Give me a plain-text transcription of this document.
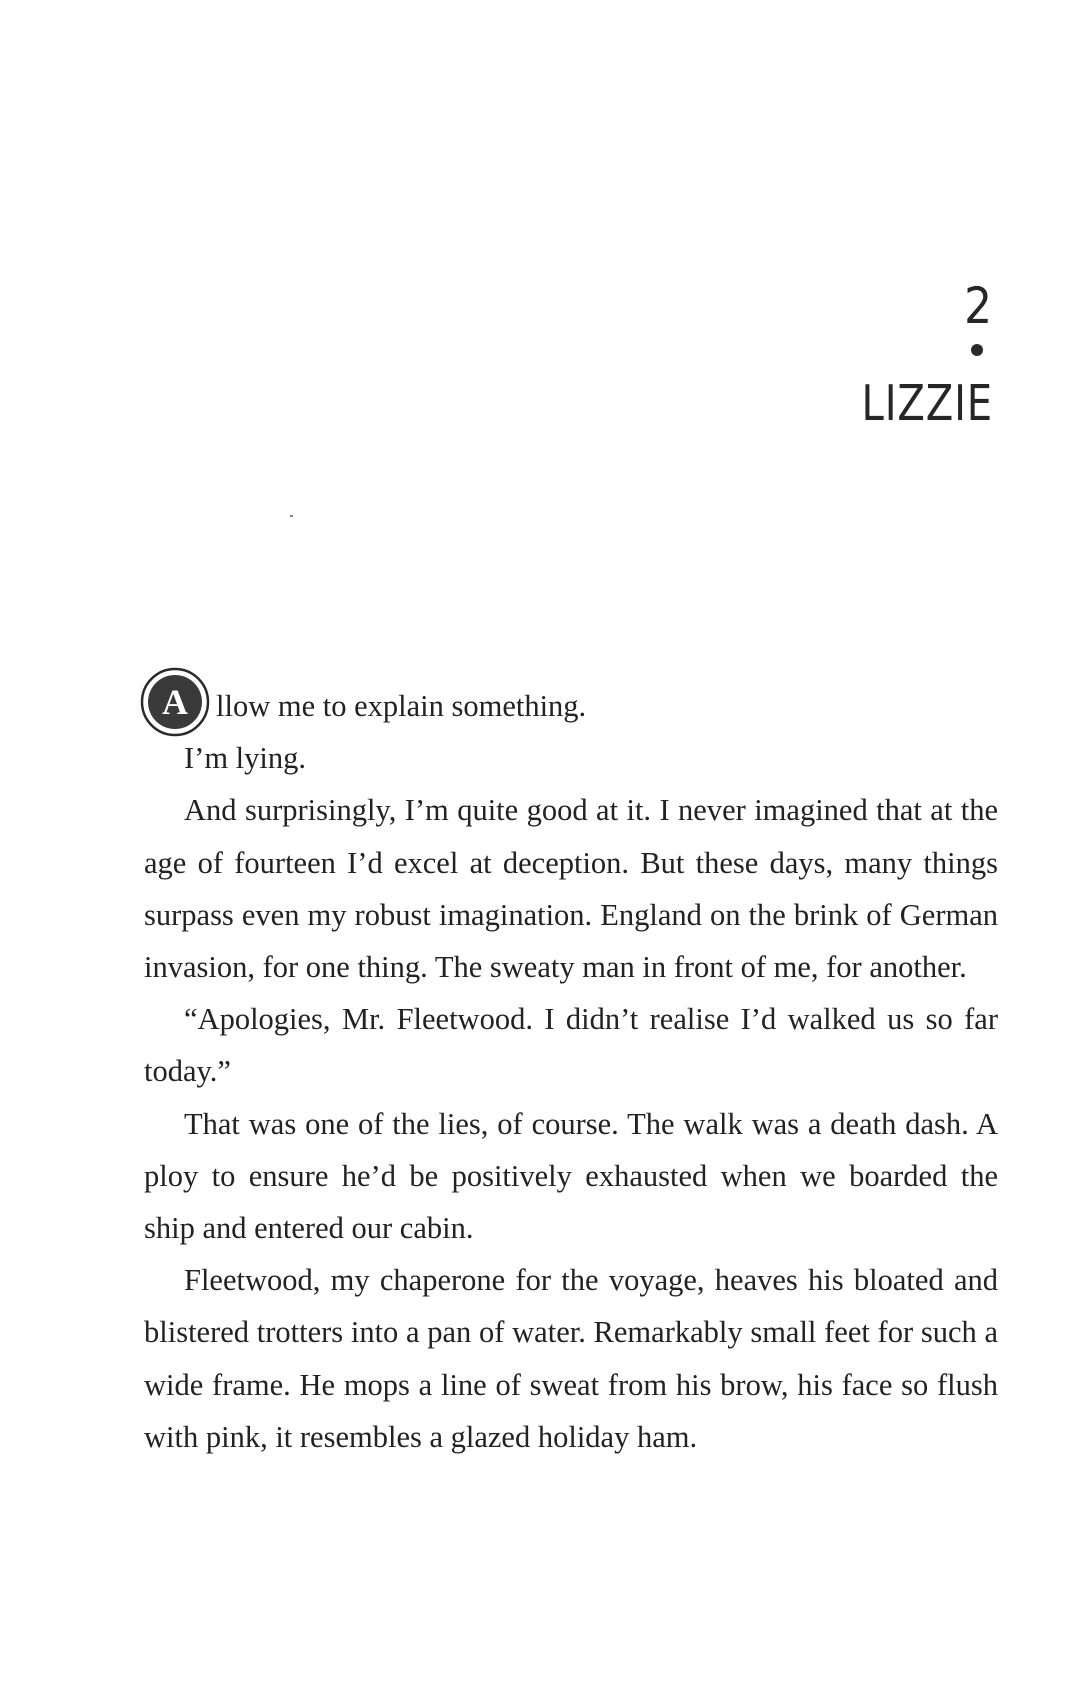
2
LIZZIE
A llow me to explain something.

I’m lying.

And surprisingly, I’m quite good at it. I never imagined that at the age of fourteen I’d excel at deception. But these days, many things surpass even my robust imagination. England on the brink of German invasion, for one thing. The sweaty man in front of me, for another.

“Apologies, Mr. Fleetwood. I didn’t realise I’d walked us so far today.”

That was one of the lies, of course. The walk was a death dash. A ploy to ensure he’d be positively exhausted when we boarded the ship and entered our cabin.

Fleetwood, my chaperone for the voyage, heaves his bloated and blistered trotters into a pan of water. Remarkably small feet for such a wide frame. He mops a line of sweat from his brow, his face so flush with pink, it resembles a glazed holiday ham.
